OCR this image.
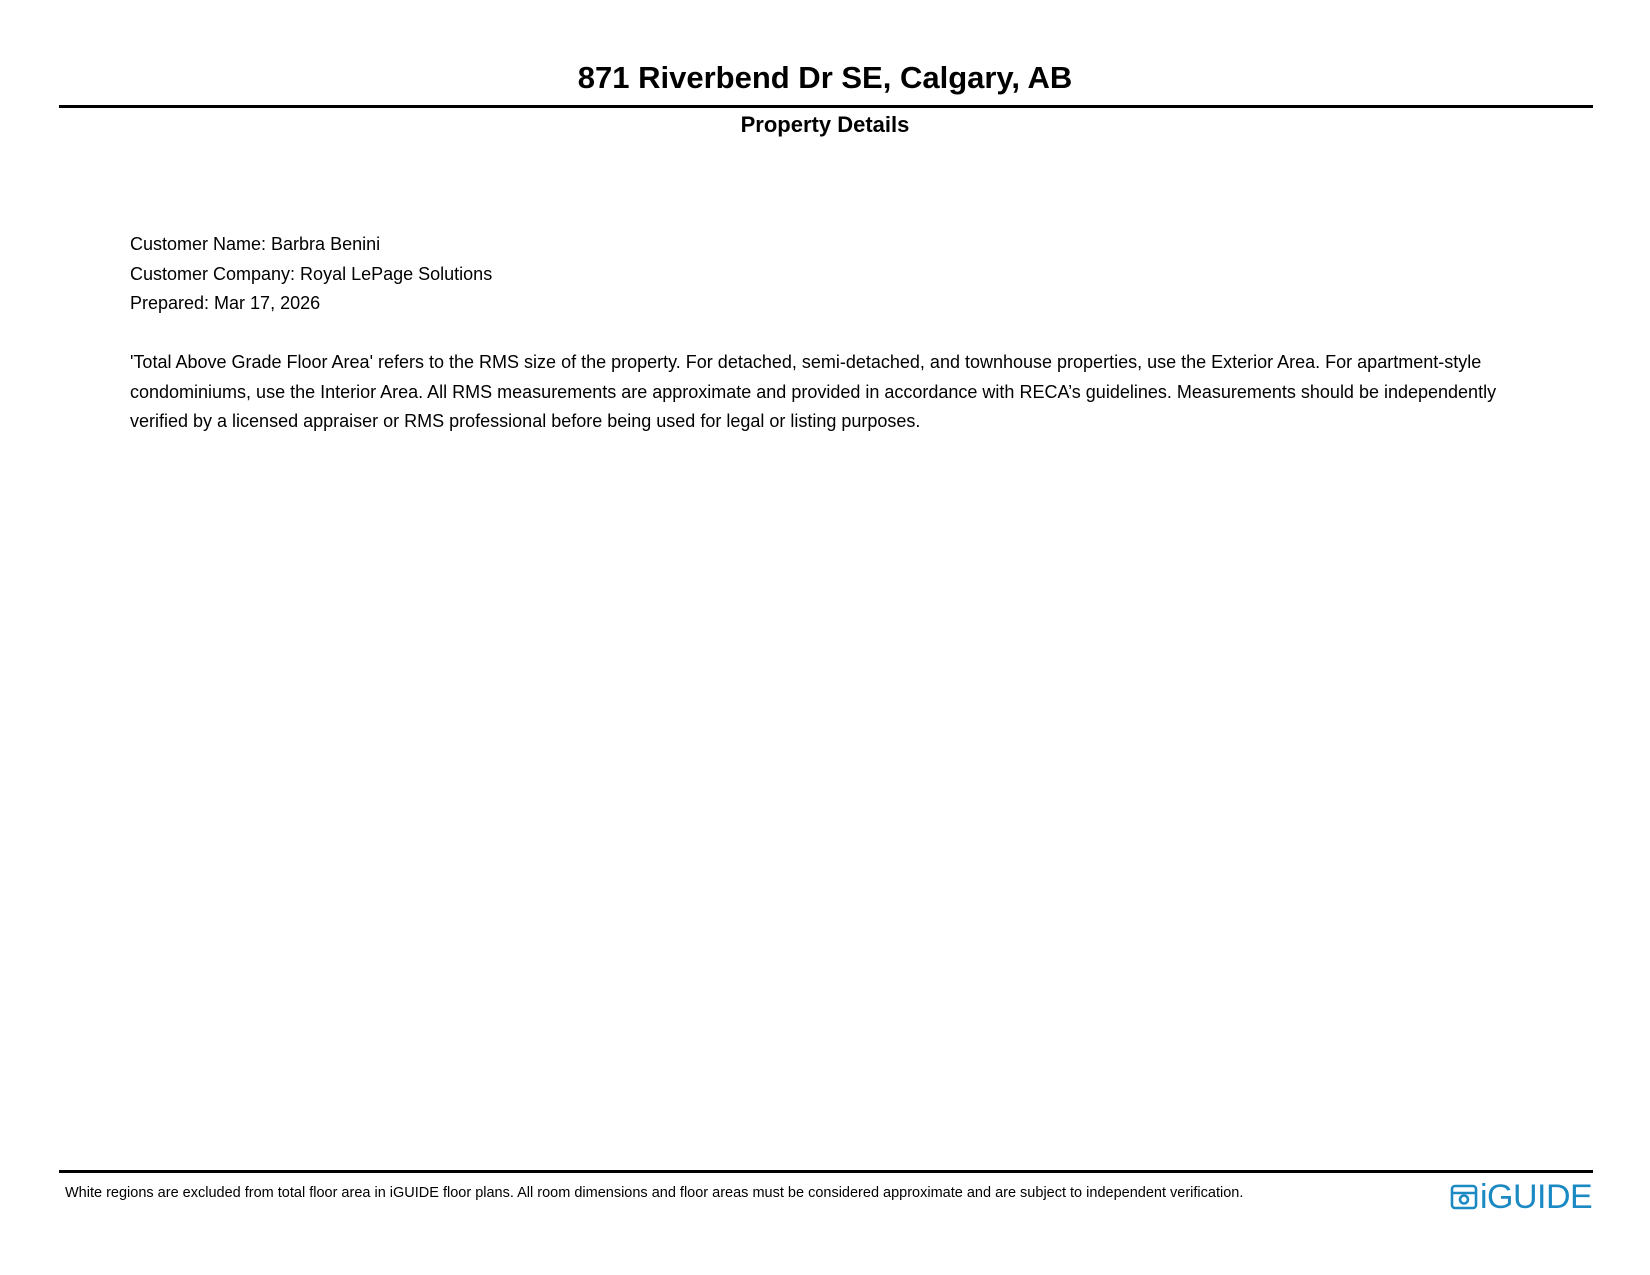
871 Riverbend Dr SE, Calgary, AB
Property Details
Customer Name: Barbra Benini
Customer Company: Royal LePage Solutions
Prepared: Mar 17, 2026
'Total Above Grade Floor Area' refers to the RMS size of the property. For detached, semi-detached, and townhouse properties, use the Exterior Area. For apartment-style condominiums, use the Interior Area. All RMS measurements are approximate and provided in accordance with RECA’s guidelines. Measurements should be independently verified by a licensed appraiser or RMS professional before being used for legal or listing purposes.
White regions are excluded from total floor area in iGUIDE floor plans. All room dimensions and floor areas must be considered approximate and are subject to independent verification.	iGUIDE
